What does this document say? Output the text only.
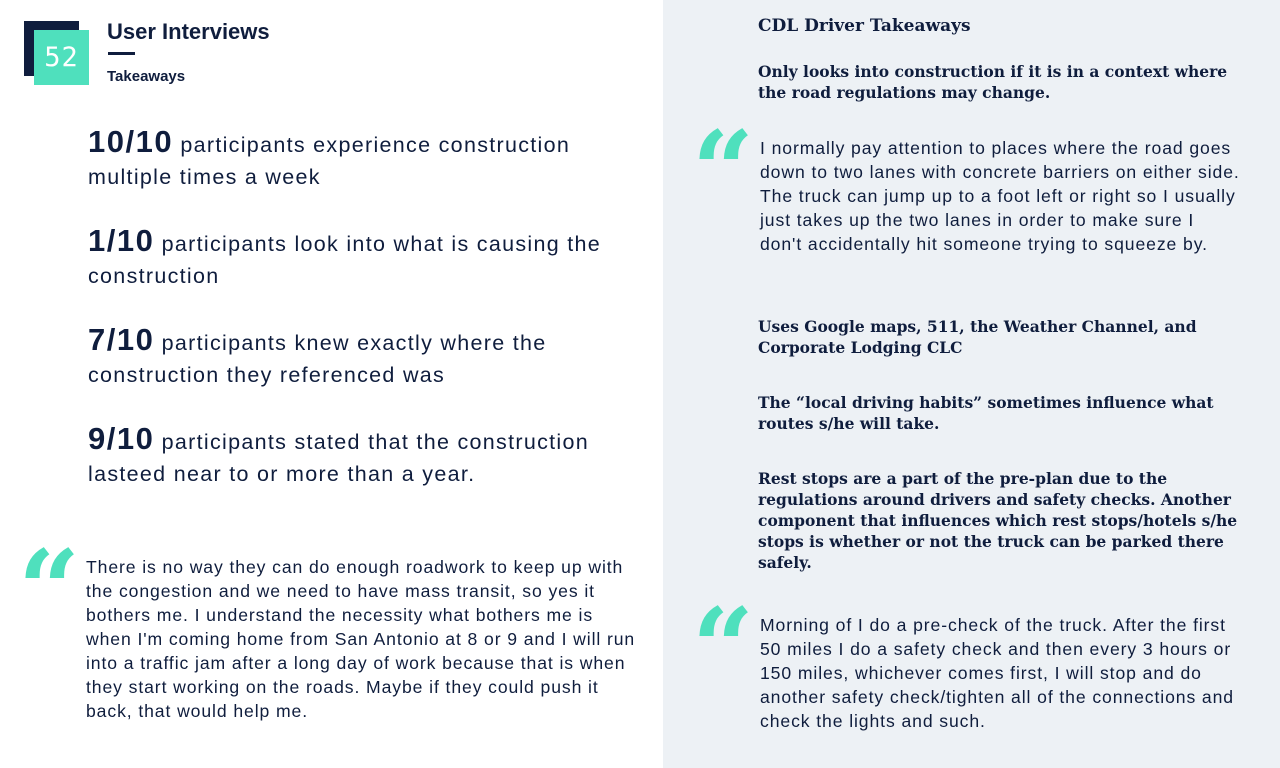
52
User Interviews
Takeaways
10/10 participants experience construction multiple times a week
1/10 participants look into what is causing the construction
7/10 participants knew exactly where the construction they referenced was
9/10 participants stated that the construction lasteed near to or more than a year.
“ There is no way they can do enough roadwork to keep up with the congestion and we need to have mass transit, so yes it bothers me. I understand the necessity what bothers me is when I'm coming home from San Antonio at 8 or 9 and I will run into a traffic jam after a long day of work because that is when they start working on the roads. Maybe if they could push it back, that would help me.
CDL Driver Takeaways
Only looks into construction if it is in a context where the road regulations may change.
“ I normally pay attention to places where the road goes down to two lanes with concrete barriers on either side. The truck can jump up to a foot left or right so I usually just takes up the two lanes in order to make sure I don't accidentally hit someone trying to squeeze by.
Uses Google maps, 511, the Weather Channel, and Corporate Lodging CLC
The “local driving habits” sometimes influence what routes s/he will take.
Rest stops are a part of the pre-plan due to the regulations around drivers and safety checks. Another component that influences which rest stops/hotels s/he stops is whether or not the truck can be parked there safely.
“ Morning of I do a pre-check of the truck. After the first 50 miles I do a safety check and then every 3 hours or 150 miles, whichever comes first, I will stop and do another safety check/tighten all of the connections and check the lights and such.
